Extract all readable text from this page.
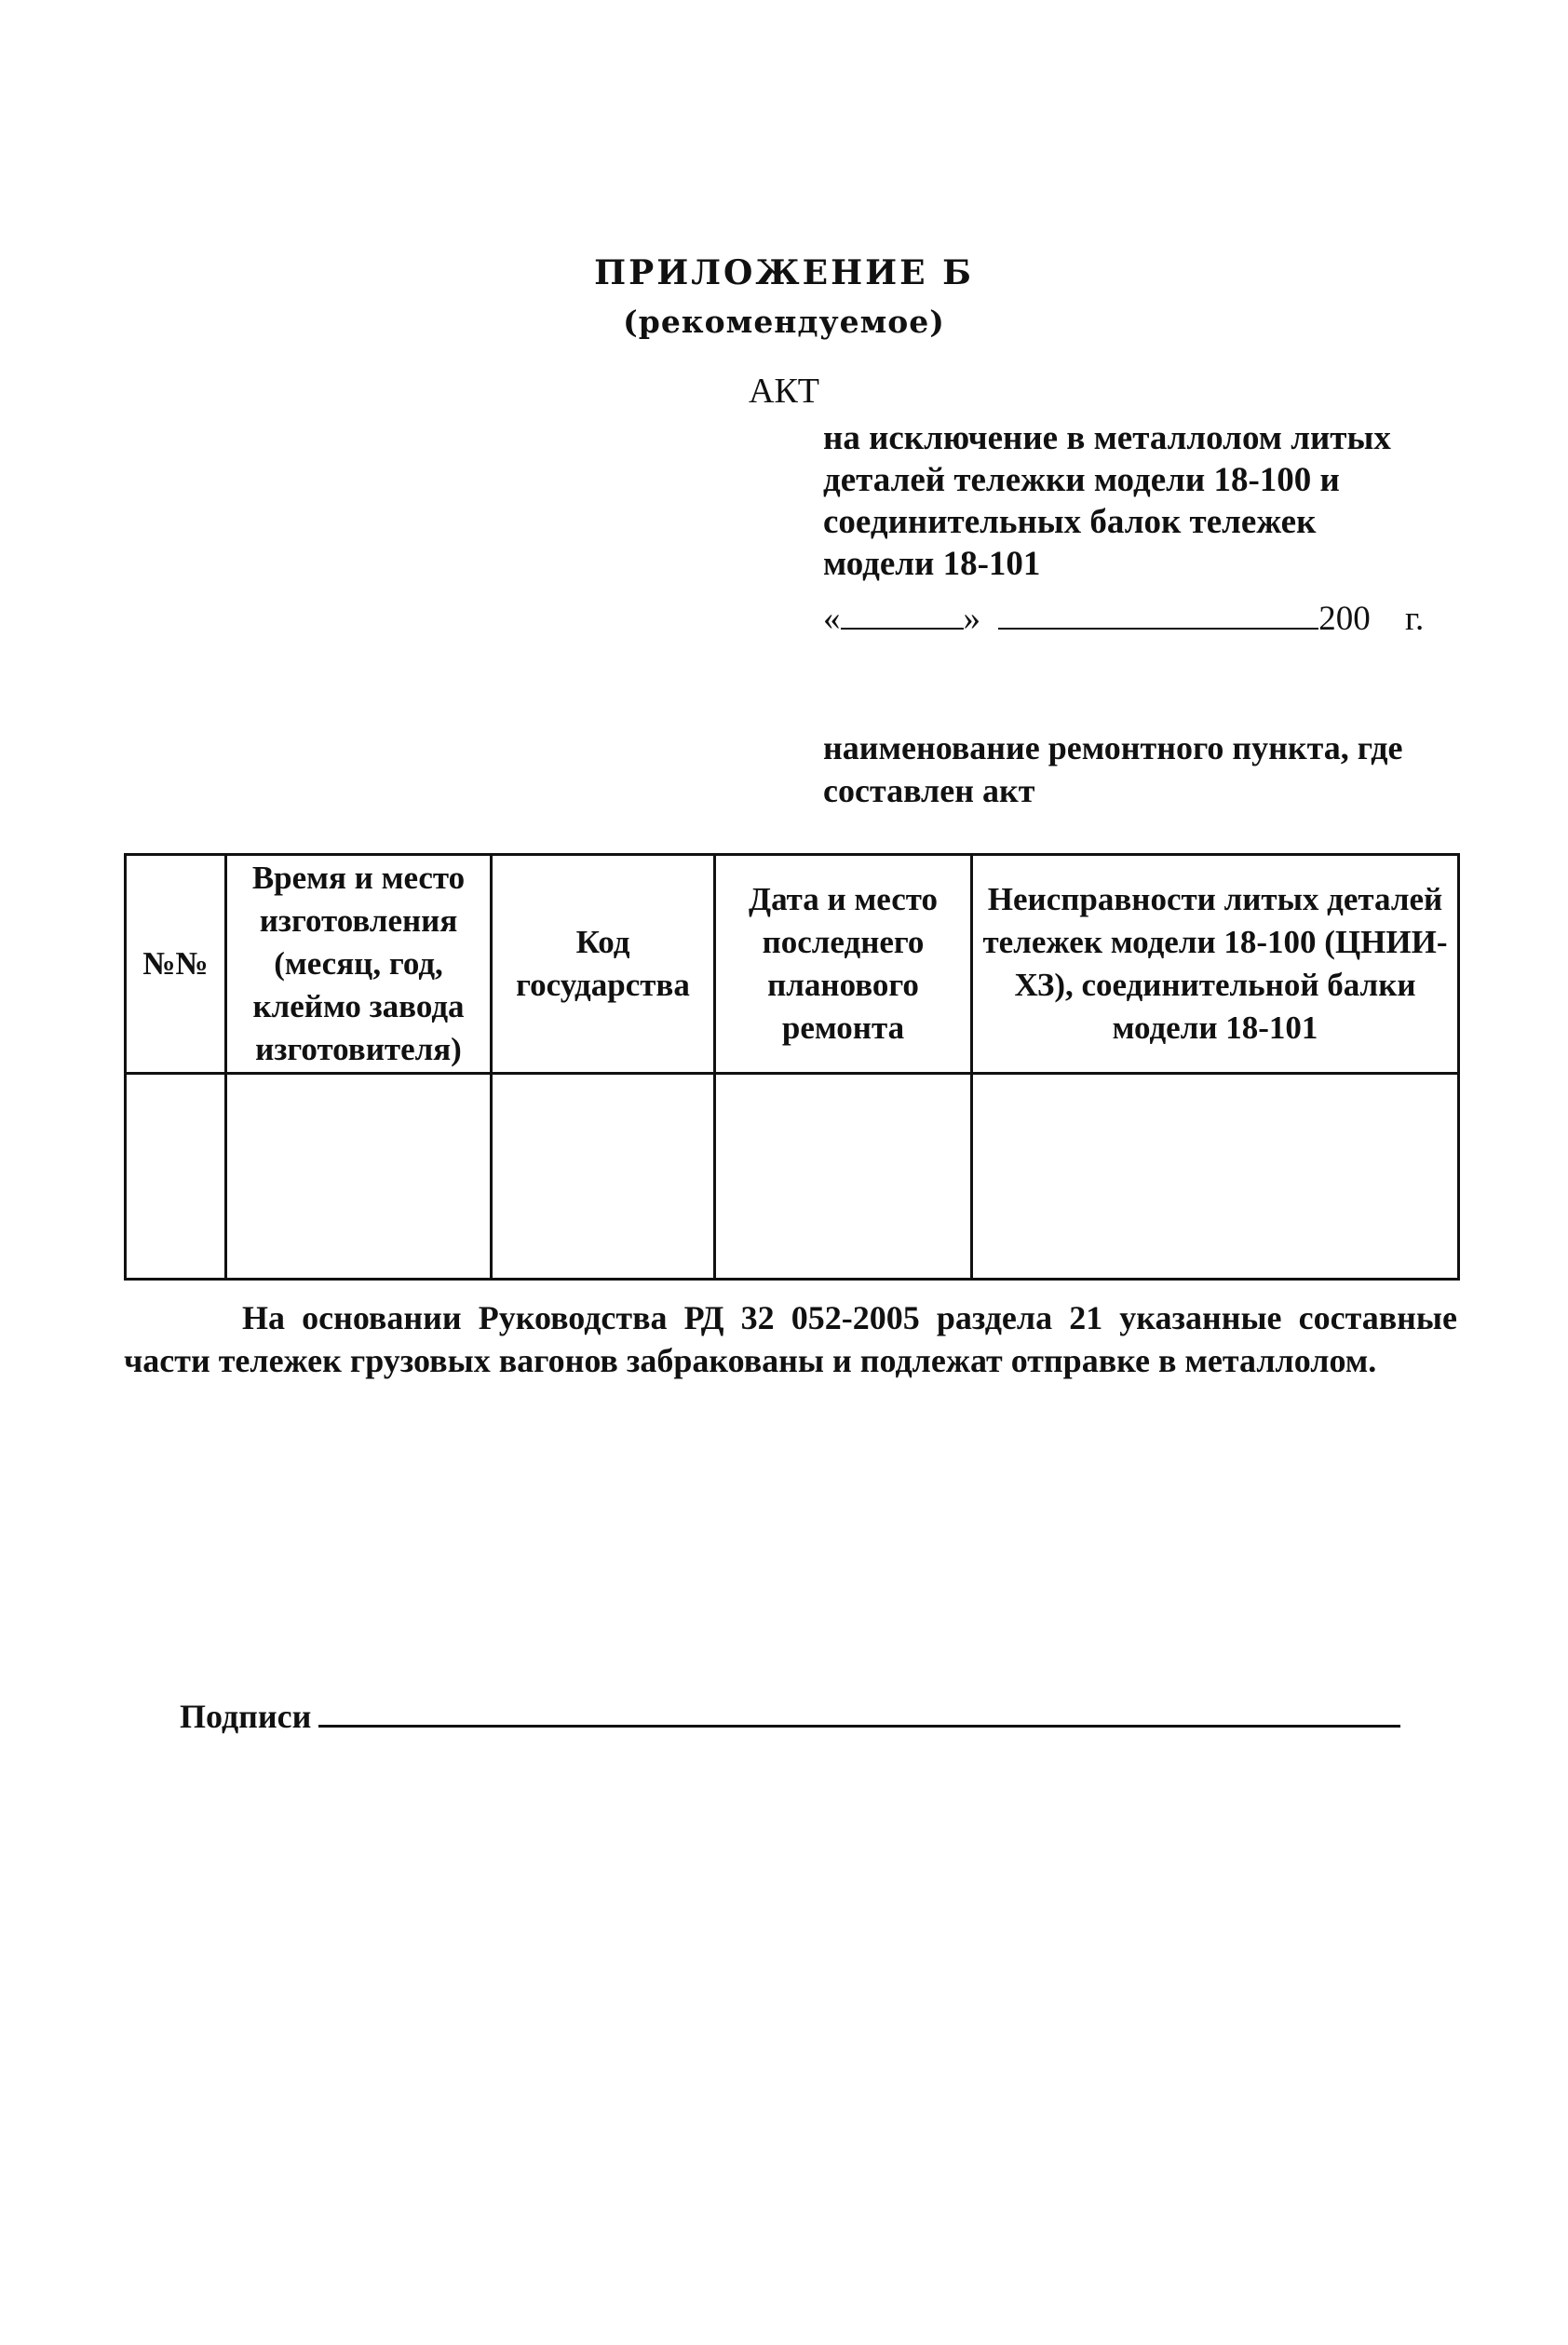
ПРИЛОЖЕНИЕ Б
(рекомендуемое)
АКТ
на исключение в металлолом литых
деталей тележки модели 18-100 и
соединительных балок тележек
модели 18-101
«	»	200 г.
наименование ремонтного пункта, где составлен акт
№№	Время и место изготовления (месяц, год, клеймо завода изготовителя)	Код государства	Дата и место последнего планового ремонта	Неисправности литых деталей тележек модели 18-100 (ЦНИИ-ХЗ), соединительной балки модели 18-101

На основании Руководства РД 32 052-2005 раздела 21 указанные составные части тележек грузовых вагонов забракованы и подлежат отправке в металлолом.
Подписи
